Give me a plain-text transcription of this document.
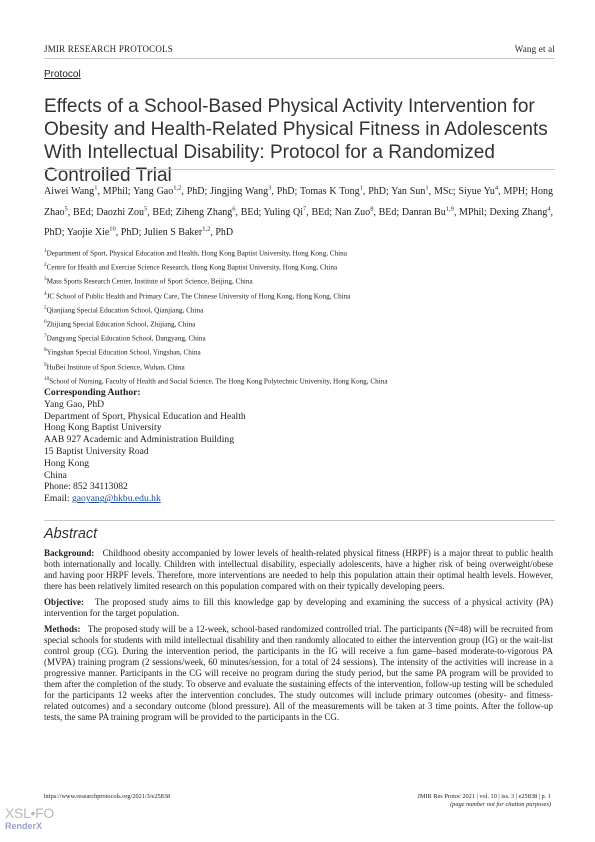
JMIR RESEARCH PROTOCOLS	Wang et al
Protocol
Effects of a School-Based Physical Activity Intervention for Obesity and Health-Related Physical Fitness in Adolescents With Intellectual Disability: Protocol for a Randomized Controlled Trial
Aiwei Wang$^1$, MPhil; Yang Gao$^{1,2}$, PhD; Jingjing Wang$^3$, PhD; Tomas K Tong$^1$, PhD; Yan Sun$^1$, MSc; Siyue Yu$^4$, MPH; Hong Zhao$^5$, BEd; Daozhi Zou$^5$, BEd; Ziheng Zhang$^6$, BEd; Yuling Qi$^7$, BEd; Nan Zuo$^8$, BEd; Danran Bu$^{1,9}$, MPhil; Dexing Zhang$^4$, PhD; Yaojie Xie$^{10}$, PhD; Julien S Baker$^{1,2}$, PhD
$^1$Department of Sport, Physical Education and Health, Hong Kong Baptist University, Hong Kong, China
$^2$Centre for Health and Exercise Science Research, Hong Kong Baptist University, Hong Kong, China
$^3$Mass Sports Research Center, Institute of Sport Science, Beijing, China
$^4$JC School of Public Health and Primary Care, The Chinese University of Hong Kong, Hong Kong, China
$^5$Qianjiang Special Education School, Qianjiang, China
$^6$Zhijiang Special Education School, Zhijiang, China
$^7$Dangyang Special Education School, Dangyang, China
$^8$Yingshan Special Education School, Yingshan, China
$^9$HuBei Institute of Sport Science, Wuhan, China
$^{10}$School of Nursing, Faculty of Health and Social Science, The Hong Kong Polytechnic University, Hong Kong, China
Corresponding Author:
Yang Gao, PhD
Department of Sport, Physical Education and Health
Hong Kong Baptist University
AAB 927 Academic and Administration Building
15 Baptist University Road
Hong Kong
China
Phone: 852 34113082
Email: gaoyang@hkbu.edu.hk
Abstract

Background: Childhood obesity accompanied by lower levels of health-related physical fitness (HRPF) is a major threat to public health both internationally and locally. Children with intellectual disability, especially adolescents, have a higher risk of being overweight/obese and having poor HRPF levels. Therefore, more interventions are needed to help this population attain their optimal health levels. However, there has been relatively limited research on this population compared with on their typically developing peers.

Objective: The proposed study aims to fill this knowledge gap by developing and examining the success of a physical activity (PA) intervention for the target population.

Methods: The proposed study will be a 12-week, school-based randomized controlled trial. The participants (N=48) will be recruited from special schools for students with mild intellectual disability and then randomly allocated to either the intervention group (IG) or the wait-list control group (CG). During the intervention period, the participants in the IG will receive a fun game–based moderate-to-vigorous PA (MVPA) training program (2 sessions/week, 60 minutes/session, for a total of 24 sessions). The intensity of the activities will increase in a progressive manner. Participants in the CG will receive no program during the study period, but the same PA program will be provided to them after the completion of the study. To observe and evaluate the sustaining effects of the intervention, follow-up testing will be scheduled for the participants 12 weeks after the intervention concludes. The study outcomes will include primary outcomes (obesity- and fitness-related outcomes) and a secondary outcome (blood pressure). All of the measurements will be taken at 3 time points. After the follow-up tests, the same PA training program will be provided to the participants in the CG.

https://www.researchprotocols.org/2021/3/e25838	JMIR Res Protoc 2021 | vol. 10 | iss. 3 | e25838 | p. 1
(page number not for citation purposes)
XSL•FO
RenderX
